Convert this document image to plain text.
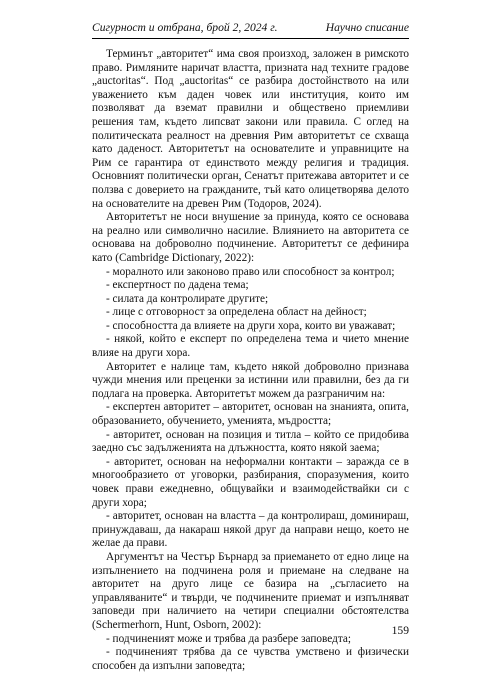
Сигурност и отбрана, брой 2, 2024 г.	Научно списание

Терминът „авторитет“ има своя произход, заложен в римското право. Римляните наричат властта, призната над техните градове „auctoritas“. Под „auctoritas“ се разбира достойнството на или уважението към даден човек или институция, които им позволяват да вземат правилни и обществено приемливи решения там, където липсват закони или правила. С оглед на политическата реалност на древния Рим авторитетът се схваща като даденост. Авторитетът на основателите и управниците на Рим се гарантира от единството между религия и традиция. Основният политически орган, Сенатът притежава авторитет и се ползва с доверието на гражданите, тъй като олицетворява делото на основателите на древен Рим (Тодоров, 2024).

Авторитетът не носи внушение за принуда, която се основава на реално или символично насилие. Влиянието на авторитета се основава на доброволно подчинение. Авторитетът се дефинира като (Cambridge Dictionary, 2022):

- моралното или законово право или способност за контрол;

- експертност по дадена тема;

- силата да контролирате другите;

- лице с отговорност за определена област на дейност;

- способността да влияете на други хора, които ви уважават;

- някой, който е експерт по определена тема и чието мнение влияе на други хора.

Авторитет е налице там, където някой доброволно признава чужди мнения или преценки за истинни или правилни, без да ги подлага на проверка. Авторитетът можем да разграничим на:

- експертен авторитет – авторитет, основан на знанията, опита, образованието, обучението, уменията, мъдростта;

- авторитет, основан на позиция и титла – който се придобива заедно със задълженията на длъжността, която някой заема;

- авторитет, основан на неформални контакти – заражда се в многообразието от уговорки, разбирания, споразумения, които човек прави ежедневно, общувайки и взаимодействайки си с други хора;

- авторитет, основан на властта – да контролираш, доминираш, принуждаваш, да накараш някой друг да направи нещо, което не желае да прави.

Аргументът на Честър Бърнард за приемането от едно лице на изпълнението на подчинена роля и приемане на следване на авторитет на друго лице се базира на „съгласието на управляваните“ и твърди, че подчинените приемат и изпълняват заповеди при наличието на четири специални обстоятелства (Schermerhorn, Hunt, Osborn, 2002):

- подчиненият може и трябва да разбере заповедта;

- подчиненият трябва да се чувства умствено и физически способен да изпълни заповедта;

159
